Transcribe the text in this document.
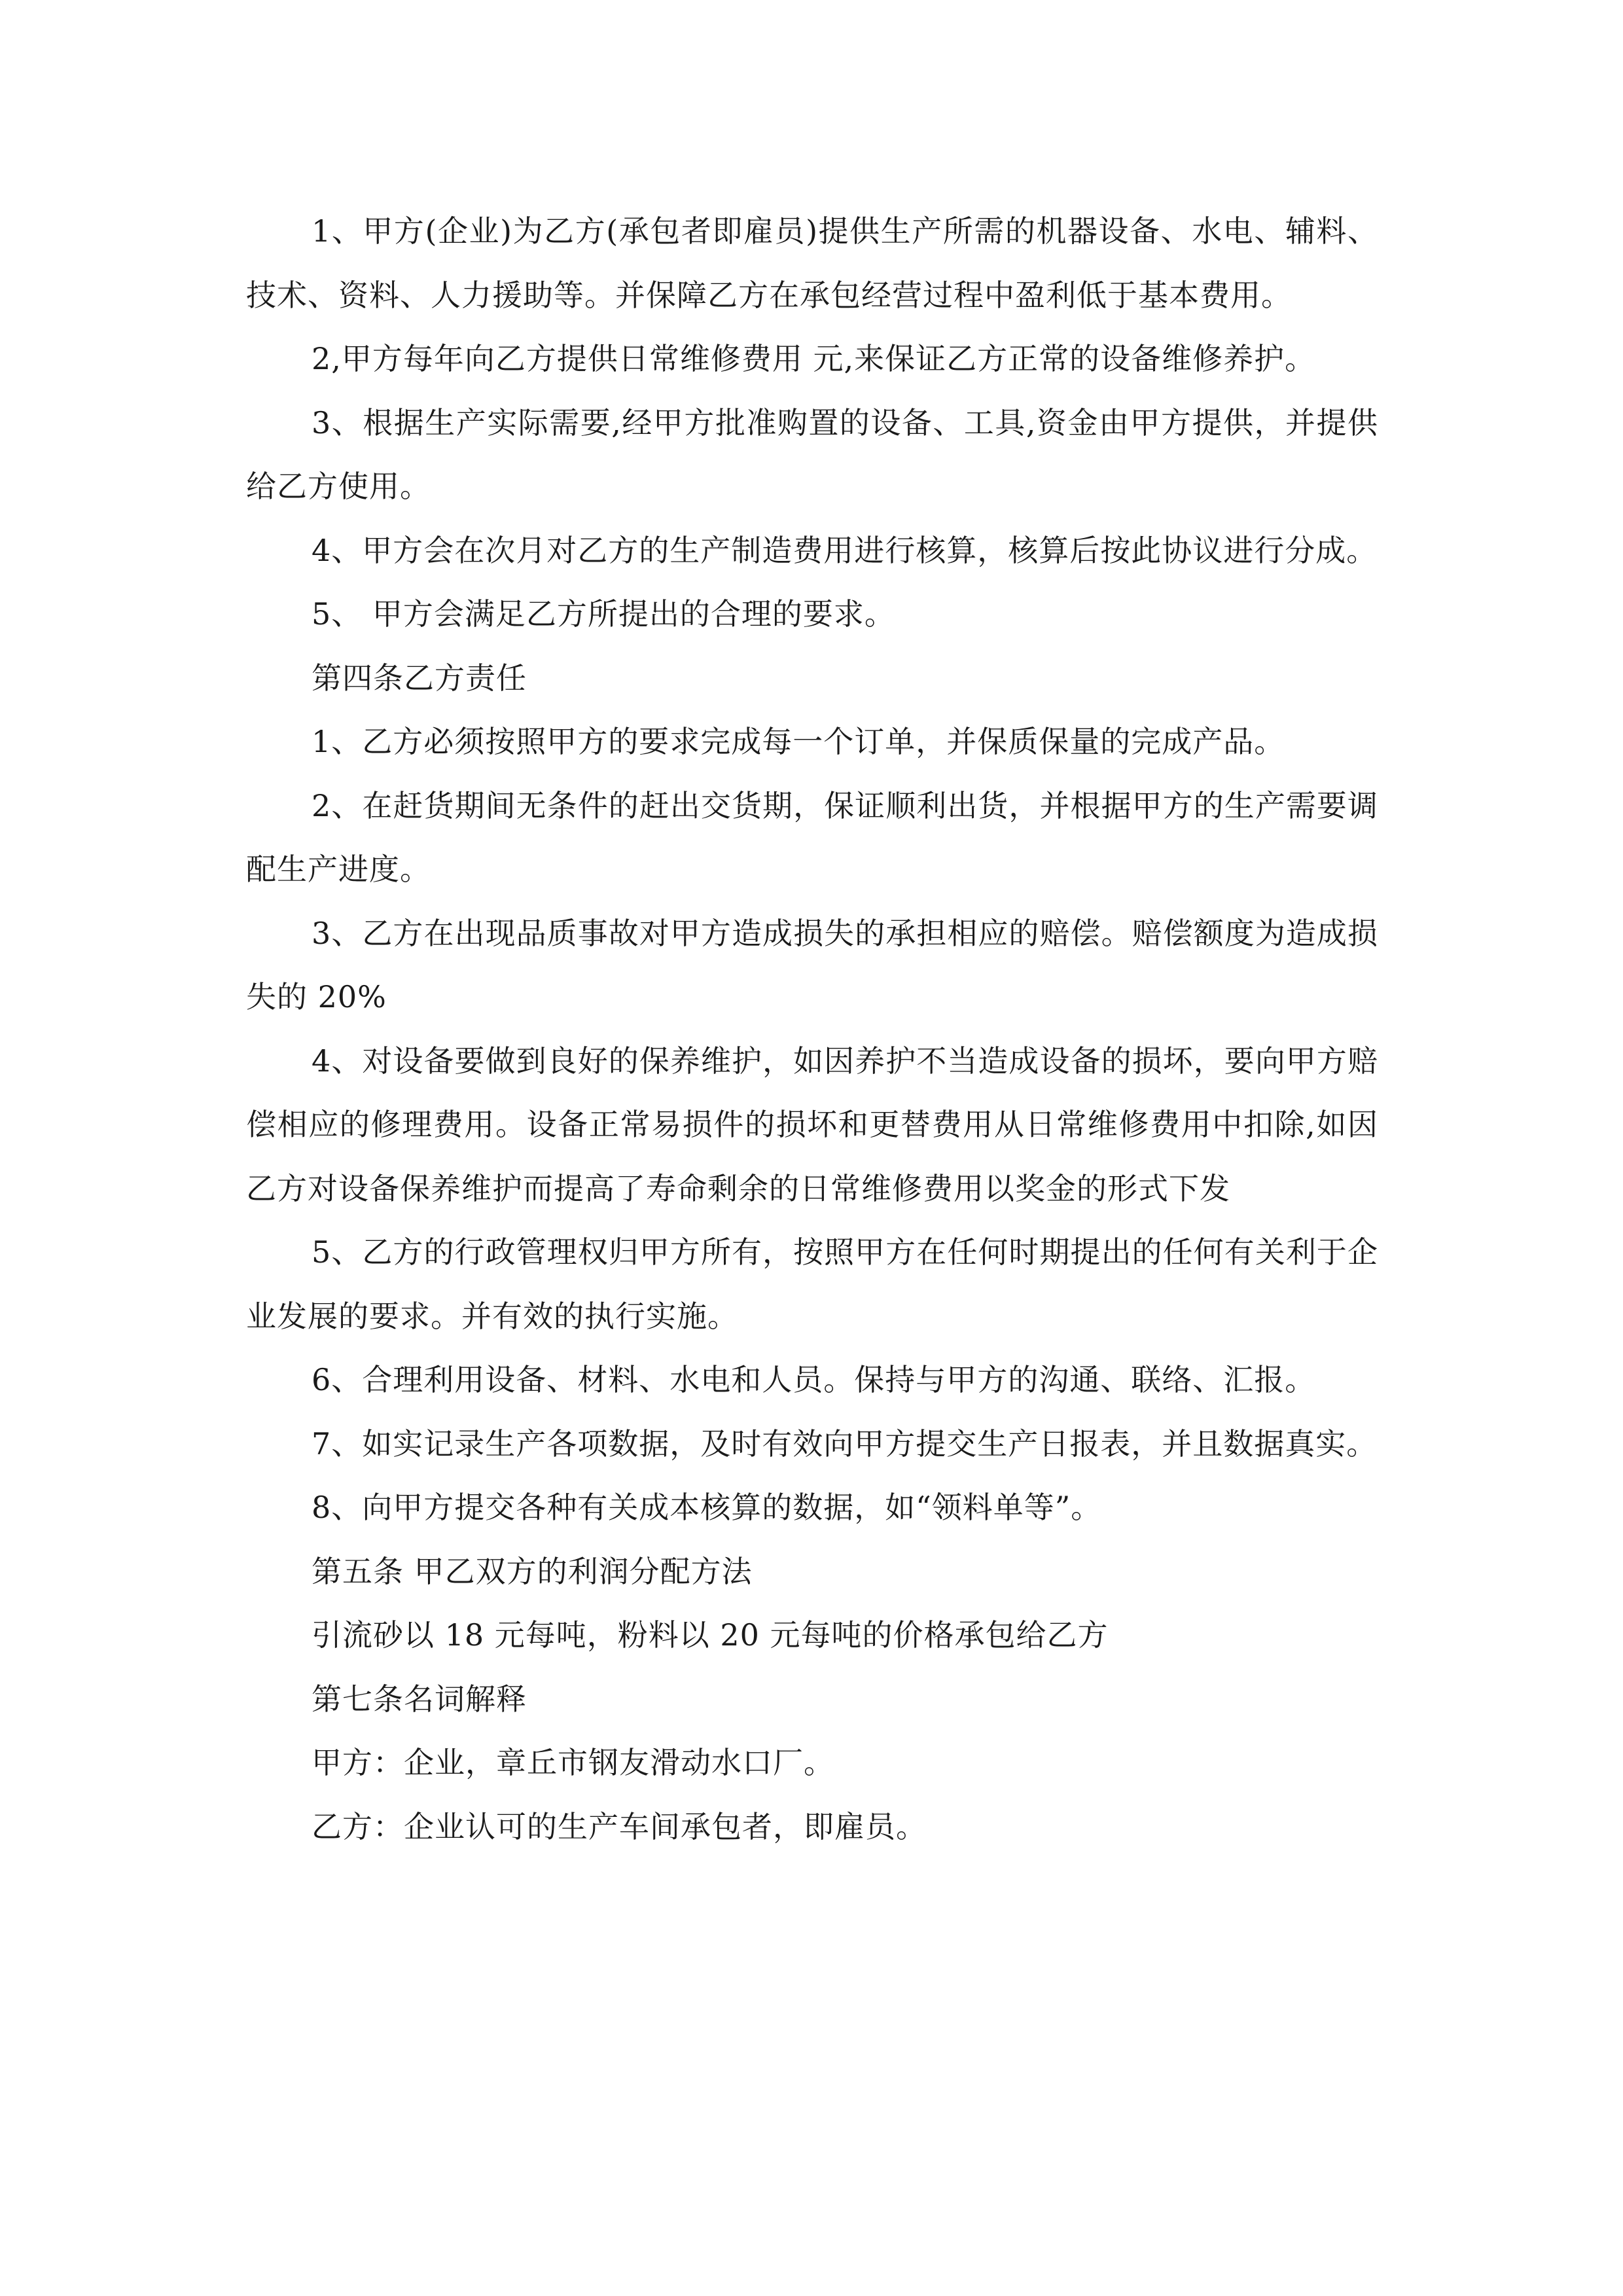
1、甲方(企业)为乙方(承包者即雇员)提供生产所需的机器设备、水电、辅料、技术、资料、人力援助等。并保障乙方在承包经营过程中盈利低于基本费用。

2,甲方每年向乙方提供日常维修费用 元,来保证乙方正常的设备维修养护。

3、根据生产实际需要,经甲方批准购置的设备、工具,资金由甲方提供，并提供给乙方使用。

4、甲方会在次月对乙方的生产制造费用进行核算，核算后按此协议进行分成。

5、 甲方会满足乙方所提出的合理的要求。

第四条乙方责任

1、乙方必须按照甲方的要求完成每一个订单，并保质保量的完成产品。

2、在赶货期间无条件的赶出交货期，保证顺利出货，并根据甲方的生产需要调配生产进度。

3、乙方在出现品质事故对甲方造成损失的承担相应的赔偿。赔偿额度为造成损失的 20%

4、对设备要做到良好的保养维护，如因养护不当造成设备的损坏，要向甲方赔偿相应的修理费用。设备正常易损件的损坏和更替费用从日常维修费用中扣除,如因乙方对设备保养维护而提高了寿命剩余的日常维修费用以奖金的形式下发

5、乙方的行政管理权归甲方所有，按照甲方在任何时期提出的任何有关利于企业发展的要求。并有效的执行实施。

6、合理利用设备、材料、水电和人员。保持与甲方的沟通、联络、汇报。

7、如实记录生产各项数据，及时有效向甲方提交生产日报表，并且数据真实。

8、向甲方提交各种有关成本核算的数据，如“领料单等”。

第五条 甲乙双方的利润分配方法

引流砂以 18 元每吨，粉料以 20 元每吨的价格承包给乙方

第七条名词解释

甲方：企业，章丘市钢友滑动水口厂。

乙方：企业认可的生产车间承包者，即雇员。
